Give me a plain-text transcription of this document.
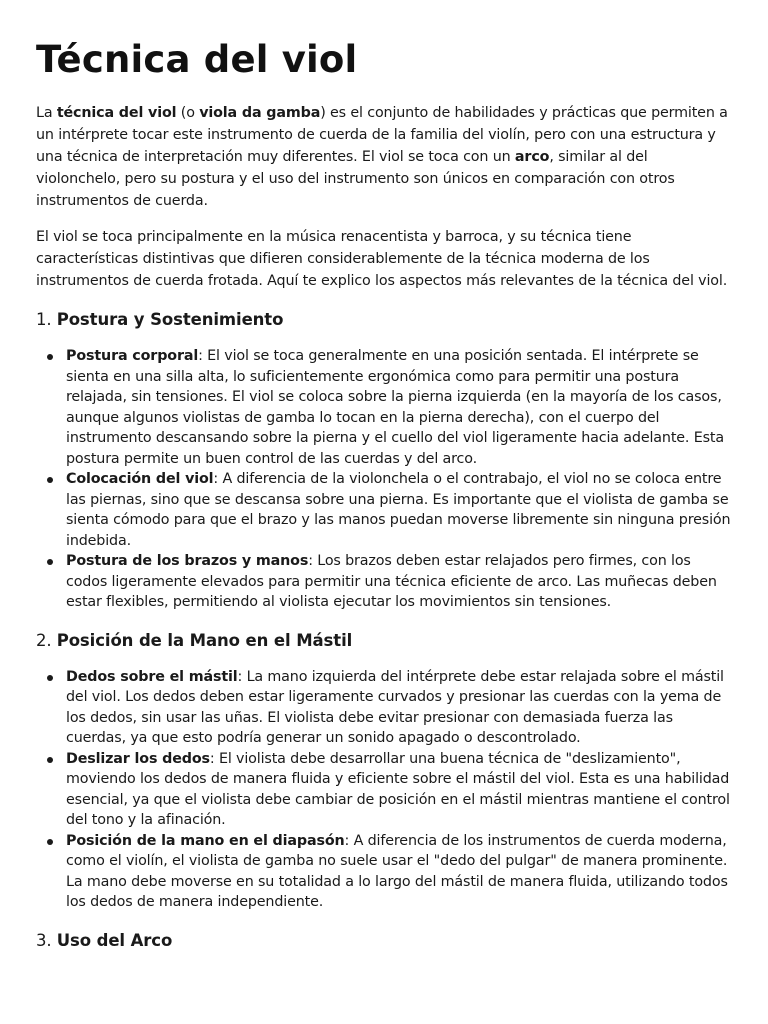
Técnica del viol

La técnica del viol (o viola da gamba) es el conjunto de habilidades y prácticas que permiten a un intérprete tocar este instrumento de cuerda de la familia del violín, pero con una estructura y una técnica de interpretación muy diferentes. El viol se toca con un arco, similar al del violonchelo, pero su postura y el uso del instrumento son únicos en comparación con otros instrumentos de cuerda.

El viol se toca principalmente en la música renacentista y barroca, y su técnica tiene características distintivas que difieren considerablemente de la técnica moderna de los instrumentos de cuerda frotada. Aquí te explico los aspectos más relevantes de la técnica del viol.

1. Postura y Sostenimiento
Postura corporal: El viol se toca generalmente en una posición sentada. El intérprete se sienta en una silla alta, lo suficientemente ergonómica como para permitir una postura relajada, sin tensiones. El viol se coloca sobre la pierna izquierda (en la mayoría de los casos, aunque algunos violistas de gamba lo tocan en la pierna derecha), con el cuerpo del instrumento descansando sobre la pierna y el cuello del viol ligeramente hacia adelante. Esta postura permite un buen control de las cuerdas y del arco.
Colocación del viol: A diferencia de la violonchela o el contrabajo, el viol no se coloca entre las piernas, sino que se descansa sobre una pierna. Es importante que el violista de gamba se sienta cómodo para que el brazo y las manos puedan moverse libremente sin ninguna presión indebida.
Postura de los brazos y manos: Los brazos deben estar relajados pero firmes, con los codos ligeramente elevados para permitir una técnica eficiente de arco. Las muñecas deben estar flexibles, permitiendo al violista ejecutar los movimientos sin tensiones.
2. Posición de la Mano en el Mástil
Dedos sobre el mástil: La mano izquierda del intérprete debe estar relajada sobre el mástil del viol. Los dedos deben estar ligeramente curvados y presionar las cuerdas con la yema de los dedos, sin usar las uñas. El violista debe evitar presionar con demasiada fuerza las cuerdas, ya que esto podría generar un sonido apagado o descontrolado.
Deslizar los dedos: El violista debe desarrollar una buena técnica de "deslizamiento", moviendo los dedos de manera fluida y eficiente sobre el mástil del viol. Esta es una habilidad esencial, ya que el violista debe cambiar de posición en el mástil mientras mantiene el control del tono y la afinación.
Posición de la mano en el diapasón: A diferencia de los instrumentos de cuerda moderna, como el violín, el violista de gamba no suele usar el "dedo del pulgar" de manera prominente. La mano debe moverse en su totalidad a lo largo del mástil de manera fluida, utilizando todos los dedos de manera independiente.
3. Uso del Arco
